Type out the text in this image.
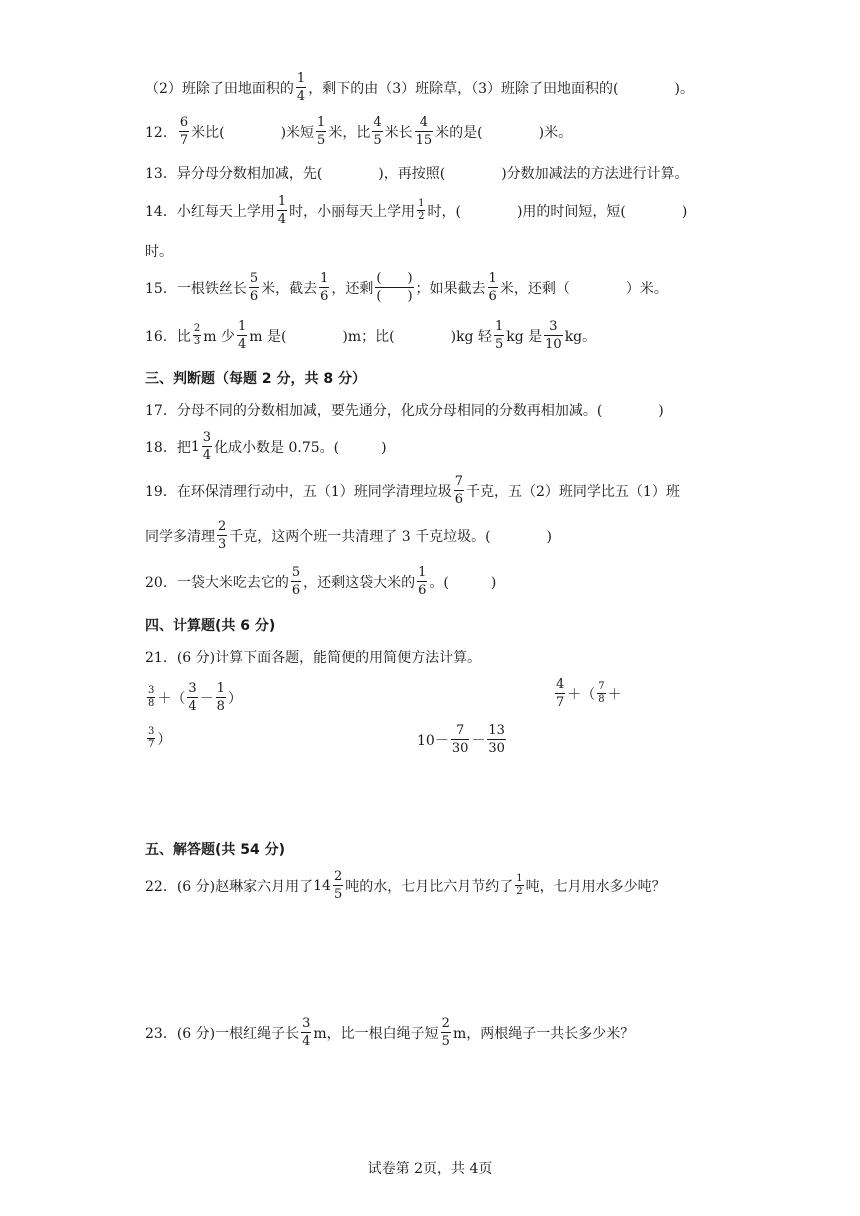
（2）班除了田地面积的 $\frac{1}{4}$ ，剩下的由（3）班除草，（3）班除了田地面积的(　　　　)。
12． $\frac{6}{7}$ 米比(　　　　)米短 $\frac{1}{5}$ 米，比 $\frac{4}{5}$ 米长 $\frac{4}{15}$ 米的是(　　　　)米。
13．异分母分数相加减，先(　　　　)，再按照(　　　　)分数加减法的方法进行计算。
14．小红每天上学用 $\frac{1}{4}$ 时，小丽每天上学用 $\frac{1}{2}$ 时，(　　　　)用的时间短，短(　　　　)
时。
15．一根铁丝长 $\frac{5}{6}$ 米，截去 $\frac{1}{6}$ ，还剩 $\frac{( )}{( )}$ ；如果截去 $\frac{1}{6}$ 米，还剩（　　　　）米。
16．比 $\frac{2}{3}$ m 少 $\frac{1}{4}$ m 是(　　　　)m；比(　　　　)kg 轻 $\frac{1}{5}$ kg 是 $\frac{3}{10}$ kg。
三、判断题（每题 2 分，共 8 分）
17．分母不同的分数相加减，要先通分，化成分母相同的分数再相加减。(　　　　)
18．把 $1 \frac{3}{4}$ 化成小数是 0.75。(　　　)
19．在环保清理行动中，五（1）班同学清理垃圾 $\frac{7}{6}$ 千克，五（2）班同学比五（1）班
同学多清理 $\frac{2}{3}$ 千克，这两个班一共清理了 3 千克垃圾。(　　　　)
20．一袋大米吃去它的 $\frac{5}{6}$ ，还剩这袋大米的 $\frac{1}{6}$ 。(　　　)
四、计算题(共 6 分)
21．(6 分)计算下面各题，能简便的用简便方法计算。
$\frac{3}{8}$ ＋（ $\frac{3}{4} - \frac{1}{8}$ ）	$\frac{4}{7}$ ＋（ $\frac{7}{8}$ ＋
$\frac{3}{7}$ ）	$10- \frac{7}{30} - \frac{13}{30}$
五、解答题(共 54 分)
22．(6 分)赵琳家六月用了 $14 \frac{2}{5}$ 吨的水，七月比六月节约了 $\frac{1}{2}$ 吨，七月用水多少吨？
23．(6 分)一根红绳子长 $\frac{3}{4}$ m，比一根白绳子短 $\frac{2}{5}$ m，两根绳子一共长多少米？
试卷第 2页，共 4页
